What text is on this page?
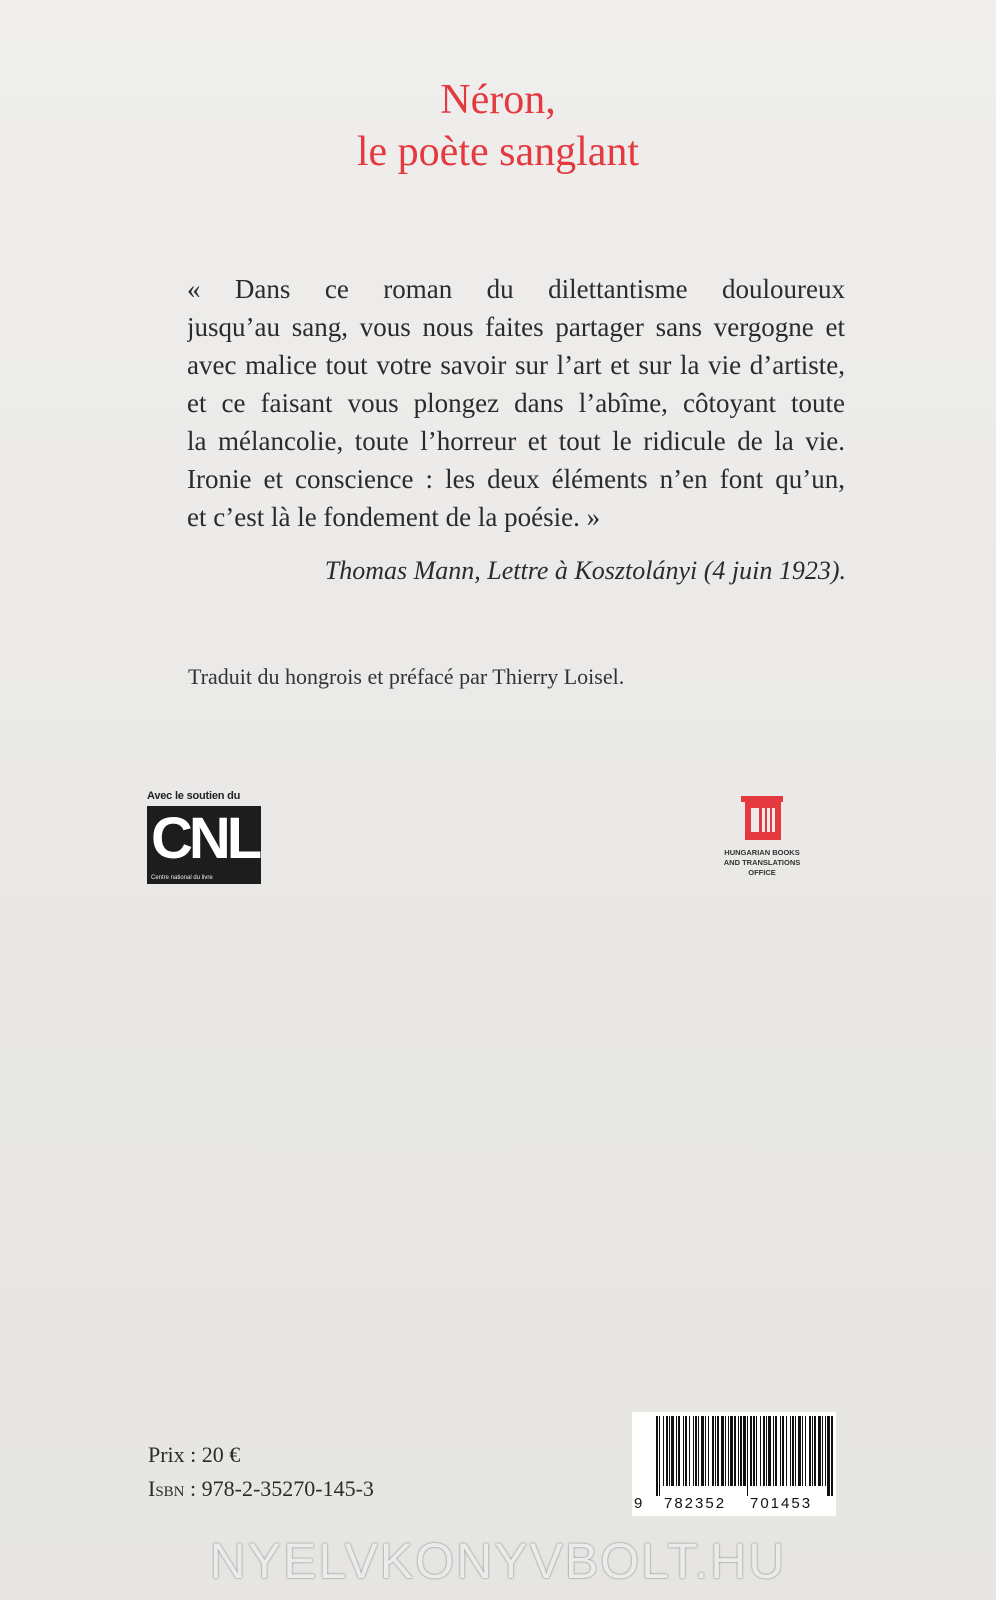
Néron,
le poète sanglant
« Dans ce roman du dilettantisme douloureux
jusqu’au sang, vous nous faites partager sans vergogne et
avec malice tout votre savoir sur l’art et sur la vie d’artiste,
et ce faisant vous plongez dans l’abîme, côtoyant toute
la mélancolie, toute l’horreur et tout le ridicule de la vie.
Ironie et conscience : les deux éléments n’en font qu’un,
et c’est là le fondement de la poésie. »
Thomas Mann, Lettre à Kosztolányi (4 juin 1923).
Traduit du hongrois et préfacé par Thierry Loisel.
Avec le soutien du
CNL
Centre national du livre
HUNGARIAN BOOKS
AND TRANSLATIONS
OFFICE
Prix : 20 €
Isbn : 978-2-35270-145-3
9 782352 701453
NYELVKONYVBOLT.HU
